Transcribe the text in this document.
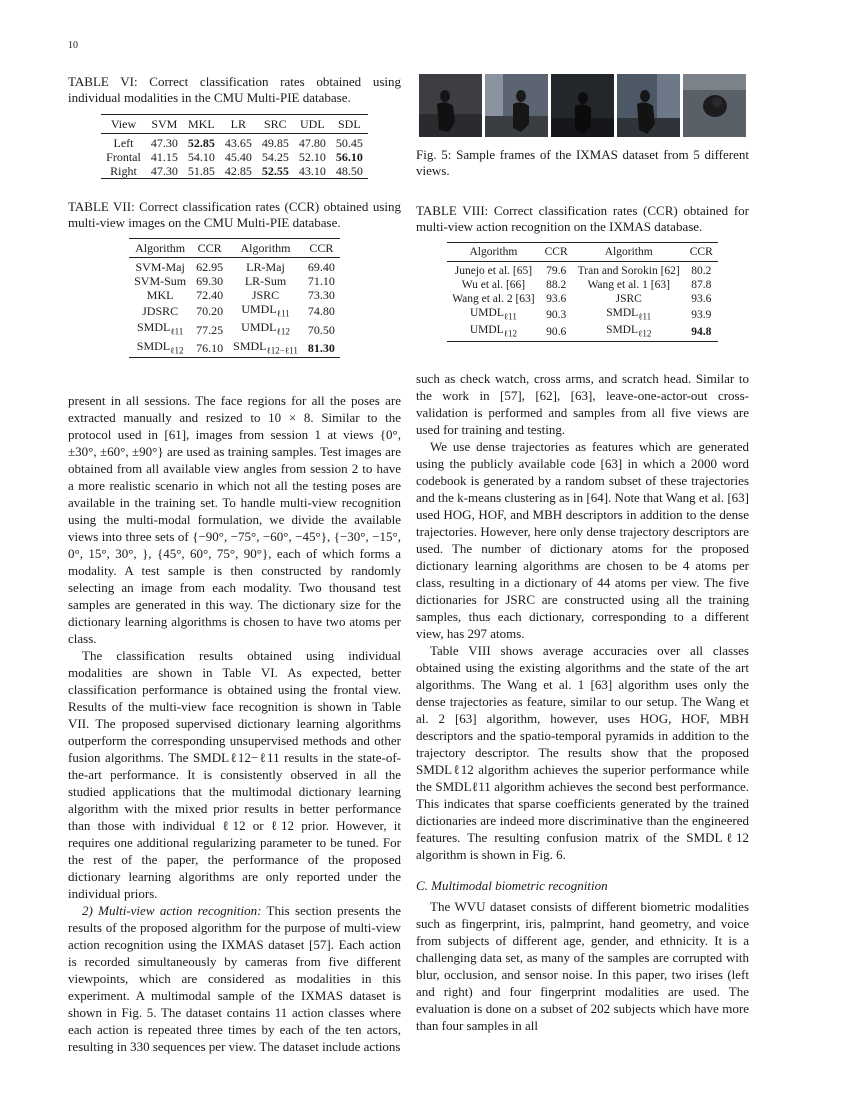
10

TABLE VI: Correct classification rates obtained using individual modalities in the CMU Multi-PIE database.

View	SVM	MKL	LR	SRC	UDL	SDL
Left	47.30	52.85	43.65	49.85	47.80	50.45
Frontal	41.15	54.10	45.40	54.25	52.10	56.10
Right	47.30	51.85	42.85	52.55	43.10	48.50

TABLE VII: Correct classification rates (CCR) obtained using multi-view images on the CMU Multi-PIE database.

Algorithm	CCR	Algorithm	CCR
SVM-Maj	62.95	LR-Maj	69.40
SVM-Sum	69.30	LR-Sum	71.10
MKL	72.40	JSRC	73.30
JDSRC	70.20	$UMDL_{\ell 11}$	74.80
$SMDL_{\ell 11}$	77.25	$UMDL_{\ell 12}$	70.50
$SMDL_{\ell 12}$	76.10	$SMDL_{\ell 12-\ell 11}$	81.30

present in all sessions. The face regions for all the poses are extracted manually and resized to 10 × 8. Similar to the protocol used in [61], images from session 1 at views {0°, ±30°, ±60°, ±90°} are used as training samples. Test images are obtained from all available view angles from session 2 to have a more realistic scenario in which not all the testing poses are available in the training set. To handle multi-view recognition using the multi-modal formulation, we divide the available views into three sets of {−90°, −75°, −60°, −45°}, {−30°, −15°, 0°, 15°, 30°, }, {45°, 60°, 75°, 90°}, each of which forms a modality. A test sample is then constructed by randomly selecting an image from each modality. Two thousand test samples are generated in this way. The dictionary size for the dictionary learning algorithms is chosen to have two atoms per class.

The classification results obtained using individual modalities are shown in Table VI. As expected, better classification performance is obtained using the frontal view. Results of the multi-view face recognition is shown in Table VII. The proposed supervised dictionary learning algorithms outperform the corresponding unsupervised methods and other fusion algorithms. The SMDLℓ12−ℓ11 results in the state-of-the-art performance. It is consistently observed in all the studied applications that the multimodal dictionary learning algorithm with the mixed prior results in better performance than those with individual ℓ12 or ℓ12 prior. However, it requires one additional regularizing parameter to be tuned. For the rest of the paper, the performance of the proposed dictionary learning algorithms are only reported under the individual priors.

2) Multi-view action recognition: This section presents the results of the proposed algorithm for the purpose of multi-view action recognition using the IXMAS dataset [57]. Each action is recorded simultaneously by cameras from five different viewpoints, which are considered as modalities in this experiment. A multimodal sample of the IXMAS dataset is shown in Fig. 5. The dataset contains 11 action classes where each action is repeated three times by each of the ten actors, resulting in 330 sequences per view. The dataset include actions

Fig. 5: Sample frames of the IXMAS dataset from 5 different views.

TABLE VIII: Correct classification rates (CCR) obtained for multi-view action recognition on the IXMAS database.

Algorithm	CCR	Algorithm	CCR
Junejo et al. [65]	79.6	Tran and Sorokin [62]	80.2
Wu et al. [66]	88.2	Wang et al. 1 [63]	87.8
Wang et al. 2 [63]	93.6	JSRC	93.6
$UMDL_{\ell 11}$	90.3	$SMDL_{\ell 11}$	93.9
$UMDL_{\ell 12}$	90.6	$SMDL_{\ell 12}$	94.8

such as check watch, cross arms, and scratch head. Similar to the work in [57], [62], [63], leave-one-actor-out cross-validation is performed and samples from all five views are used for training and testing.

We use dense trajectories as features which are generated using the publicly available code [63] in which a 2000 word codebook is generated by a random subset of these trajectories and the k-means clustering as in [64]. Note that Wang et al. [63] used HOG, HOF, and MBH descriptors in addition to the dense trajectories. However, here only dense trajectory descriptors are used. The number of dictionary atoms for the proposed dictionary learning algorithms are chosen to be 4 atoms per class, resulting in a dictionary of 44 atoms per view. The five dictionaries for JSRC are constructed using all the training samples, thus each dictionary, corresponding to a different view, has 297 atoms.

Table VIII shows average accuracies over all classes obtained using the existing algorithms and the state of the art algorithms. The Wang et al. 1 [63] algorithm uses only the dense trajectories as feature, similar to our setup. The Wang et al. 2 [63] algorithm, however, uses HOG, HOF, MBH descriptors and the spatio-temporal pyramids in addition to the trajectory descriptor. The results show that the proposed SMDLℓ12 algorithm achieves the superior performance while the SMDLℓ11 algorithm achieves the second best performance. This indicates that sparse coefficients generated by the trained dictionaries are indeed more discriminative than the engineered features. The resulting confusion matrix of the SMDLℓ12 algorithm is shown in Fig. 6.

C. Multimodal biometric recognition

The WVU dataset consists of different biometric modalities such as fingerprint, iris, palmprint, hand geometry, and voice from subjects of different age, gender, and ethnicity. It is a challenging data set, as many of the samples are corrupted with blur, occlusion, and sensor noise. In this paper, two irises (left and right) and four fingerprint modalities are used. The evaluation is done on a subset of 202 subjects which have more than four samples in all
